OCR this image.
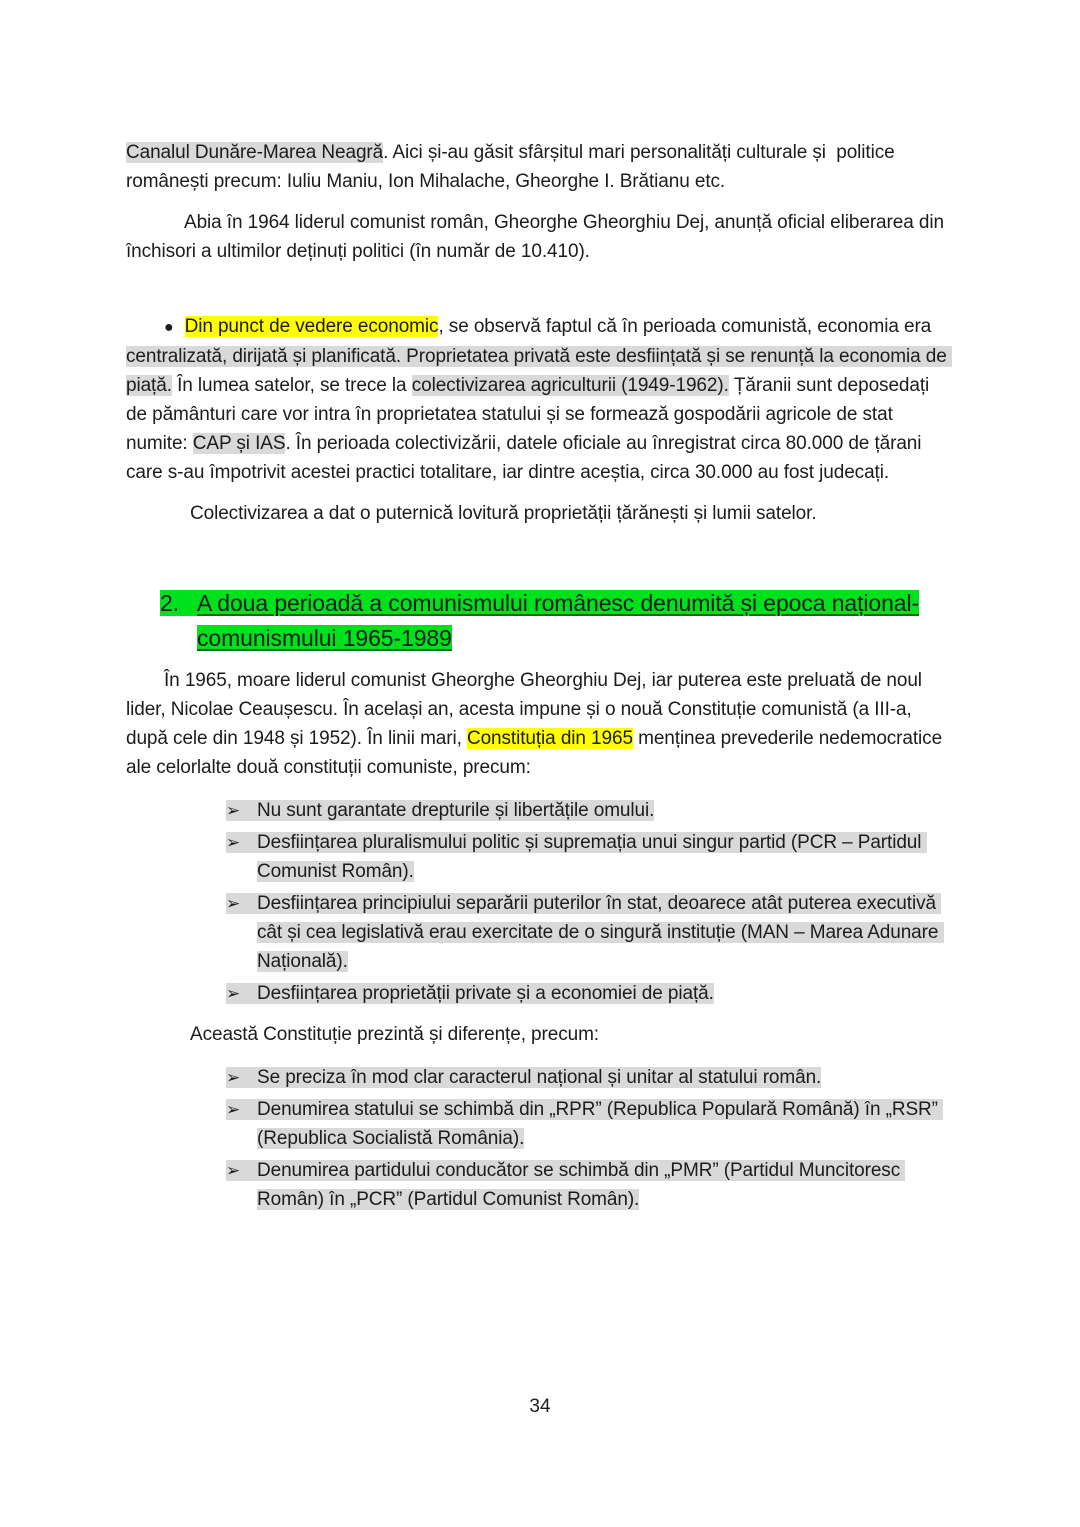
Canalul Dunăre-Marea Neagră. Aici și-au găsit sfârșitul mari personalități culturale și  politice românești precum: Iuliu Maniu, Ion Mihalache, Gheorghe I. Brătianu etc.

Abia în 1964 liderul comunist român, Gheorghe Gheorghiu Dej, anunță oficial eliberarea din închisori a ultimilor deținuți politici (în număr de 10.410).

● Din punct de vedere economic, se observă faptul că în perioada comunistă, economia era centralizată, dirijată și planificată. Proprietatea privată este desființată și se renunță la economia de piață. În lumea satelor, se trece la colectivizarea agriculturii (1949-1962). Țăranii sunt deposedați de pământuri care vor intra în proprietatea statului și se formează gospodării agricole de stat numite: CAP și IAS. În perioada colectivizării, datele oficiale au înregistrat circa 80.000 de țărani care s-au împotrivit acestei practici totalitare, iar dintre aceștia, circa 30.000 au fost judecați.

Colectivizarea a dat o puternică lovitură proprietății țărănești și lumii satelor.

2. A doua perioadă a comunismului românesc denumită și epoca național-comunismului 1965-1989

În 1965, moare liderul comunist Gheorghe Gheorghiu Dej, iar puterea este preluată de noul lider, Nicolae Ceaușescu. În același an, acesta impune și o nouă Constituție comunistă (a III-a, după cele din 1948 și 1952). În linii mari, Constituția din 1965 menținea prevederile nedemocratice ale celorlalte două constituții comuniste, precum:

➢ Nu sunt garantate drepturile și libertățile omului.
➢ Desființarea pluralismului politic și supremația unui singur partid (PCR – Partidul Comunist Român).
➢ Desființarea principiului separării puterilor în stat, deoarece atât puterea executivă cât și cea legislativă erau exercitate de o singură instituție (MAN – Marea Adunare Națională).
➢ Desființarea proprietății private și a economiei de piață.

Această Constituție prezintă și diferențe, precum:

➢ Se preciza în mod clar caracterul național și unitar al statului român.
➢ Denumirea statului se schimbă din „RPR” (Republica Populară Română) în „RSR” (Republica Socialistă România).
➢ Denumirea partidului conducător se schimbă din „PMR” (Partidul Muncitoresc Român) în „PCR” (Partidul Comunist Român).
34
